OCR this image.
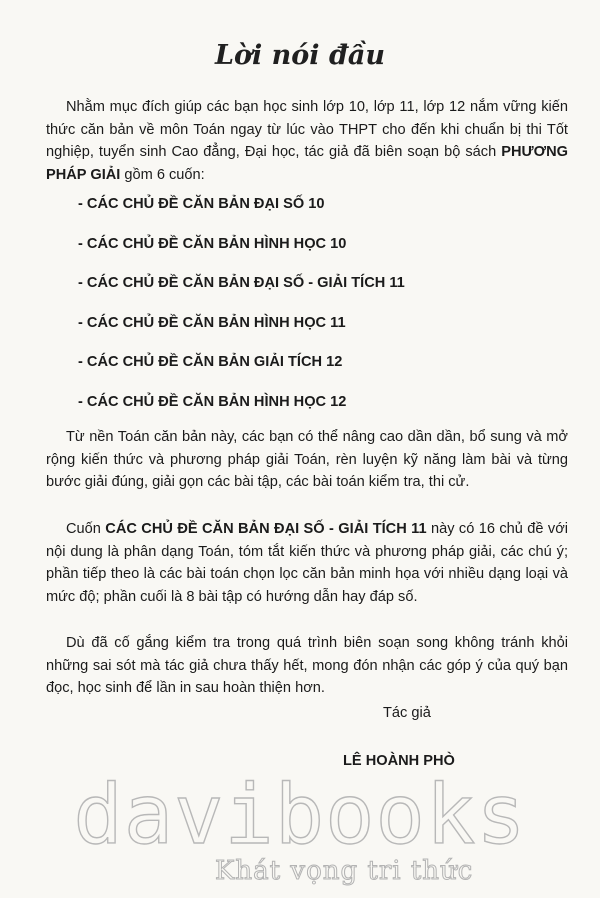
Lời nói đầu

Nhằm mục đích giúp các bạn học sinh lớp 10, lớp 11, lớp 12 nắm vững kiến thức căn bản về môn Toán ngay từ lúc vào THPT cho đến khi chuẩn bị thi Tốt nghiệp, tuyển sinh Cao đẳng, Đại học, tác giả đã biên soạn bộ sách PHƯƠNG PHÁP GIẢI gồm 6 cuốn:

- CÁC CHỦ ĐỀ CĂN BẢN ĐẠI SỐ 10
- CÁC CHỦ ĐỀ CĂN BẢN HÌNH HỌC 10
- CÁC CHỦ ĐỀ CĂN BẢN ĐẠI SỐ - GIẢI TÍCH 11
- CÁC CHỦ ĐỀ CĂN BẢN HÌNH HỌC 11
- CÁC CHỦ ĐỀ CĂN BẢN GIẢI TÍCH 12
- CÁC CHỦ ĐỀ CĂN BẢN HÌNH HỌC 12

Từ nền Toán căn bản này, các bạn có thể nâng cao dần dần, bổ sung và mở rộng kiến thức và phương pháp giải Toán, rèn luyện kỹ năng làm bài và từng bước giải đúng, giải gọn các bài tập, các bài toán kiểm tra, thi cử.

Cuốn CÁC CHỦ ĐỀ CĂN BẢN ĐẠI SỐ - GIẢI TÍCH 11 này có 16 chủ đề với nội dung là phân dạng Toán, tóm tắt kiến thức và phương pháp giải, các chú ý; phần tiếp theo là các bài toán chọn lọc căn bản minh họa với nhiều dạng loại và mức độ; phần cuối là 8 bài tập có hướng dẫn hay đáp số.

Dù đã cố gắng kiểm tra trong quá trình biên soạn song không tránh khỏi những sai sót mà tác giả chưa thấy hết, mong đón nhận các góp ý của quý bạn đọc, học sinh để lần in sau hoàn thiện hơn.

Tác giả
LÊ HOÀNH PHÒ
davibooks
Khát vọng tri thức
